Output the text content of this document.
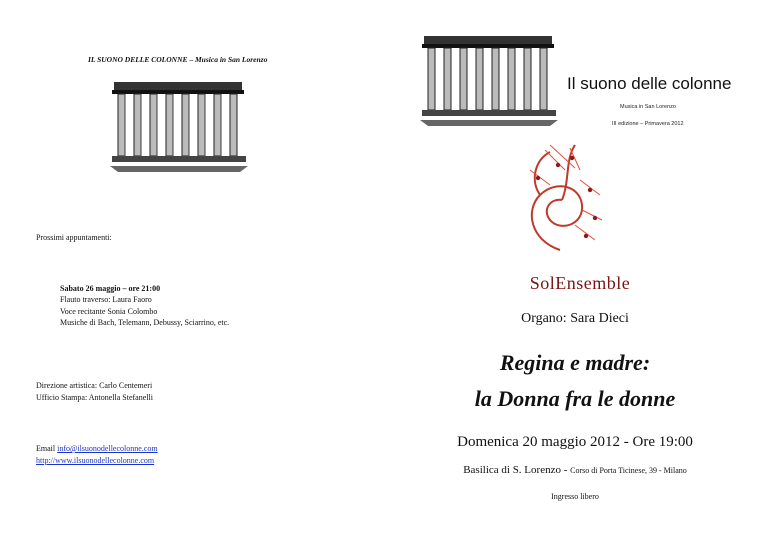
IL SUONO DELLE COLONNE – Musica in San Lorenzo
Prossimi appuntamenti:
Sabato 26 maggio – ore 21:00
Flauto traverso: Laura Faoro
Voce recitante Sonia Colombo
Musiche di Bach, Telemann, Debussy, Sciarrino, etc.
Direzione artistica: Carlo Centemeri
Ufficio Stampa: Antonella Stefanelli
Email info@ilsuonodellecolonne.com
http://www.ilsuonodellecolonne.com
Il suono delle colonne
Musica in San Lorenzo
III edizione – Primavera 2012
SolEnsemble
Organo: Sara Dieci
Regina e madre:
la Donna fra le donne
Domenica 20 maggio 2012 - Ore 19:00
Basilica di S. Lorenzo - Corso di Porta Ticinese, 39 - Milano
Ingresso libero
